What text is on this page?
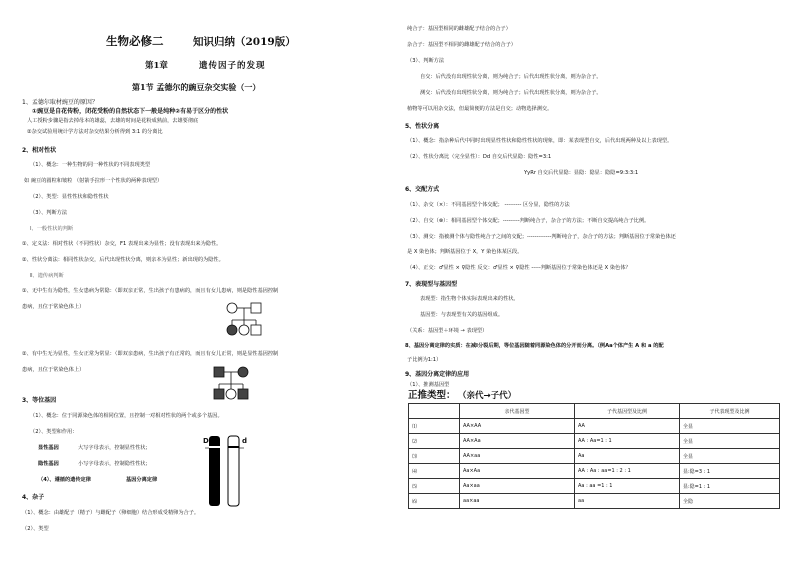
生物必修二	知识归纳（2019版）
第1章	遗传因子的发现
第1节 孟德尔的豌豆杂交实验（一）
1、孟德尔取材豌豆的原因？
①豌豆是自花传粉，闭花受粉的自然状态下一般是纯种②有易于区分的性状
人工授粉步骤是指去掉母本的雄蕊，去雄的时间是花粉成熟前，去雄要彻底
②杂交试验用统计学方法对杂交结果分析得到 3:1 的分离比
2、相对性状
（1）、概念：一种生物的同一种性状的不同表现类型
如 豌豆的圆粒和皱粒 （射箭手拉形一个性状的两种表现型）
（2）、类型：显性性状和隐性性状
（3）、判断方法
Ⅰ、一般性状的判断
①、定义法：相对性状（不同性状）杂交，F1 表现出来为显性；没有表现出来为隐性。
②、性状分离法：相同性状杂交，后代出现性状分离，则亲本为显性；新出现的为隐性。
Ⅱ、遗传病判断
①、无中生有为隐性，生女患病为常隐：（即双亲正常，生出孩子有患病的，而且有女儿患病，则是隐性基因控制
患病，且位于常染色体上）
②、有中生无为显性，生女正常为常显：（即双亲患病，生出孩子有正常的，而且有女儿正常，则是显性基因控制
患病，且位于常染色体上）
3、等位基因
（1）、概念：位于同源染色体的相同位置，且控制一对相对性状的两个或多个基因。
（2）、类型和作用：
显性基因	大写字母表示，控制显性性状；
隐性基因	小写字母表示，控制隐性性状；
（4）、遵循的遗传定律	基因分离定律
D	d
4、杂子
（1）、概念：由雄配子（精子）与雌配子（卵细胞）结合形成受精卵为合子。
（2）、类型
纯合子：基因型相同的雌雄配子结合的合子）
杂合子：基因型不相同的雌雄配子结合的合子）
（3）、判断方法
自交：后代没有出现性状分离，则为纯合子；后代出现性状分离，则为杂合子。
测交：后代没有出现性状分离，则为纯合子；后代出现性状分离，则为杂合子。
植物等可以用杂交法，但最简便的方法是自交；动物选择测交。
5、性状分离
（1）、概念：指杂种后代中同时出现显性性状和隐性性状的现象，即：某表现型自交，后代出现两种及以上表现型。
（2）、性状分离比（完全显性）：Dd 自交后代显隐：隐性=3:1
YyRr 自交后代显隐：显隐：隐显：隐隐=9:3:3:1
6、交配方式
（1）、杂交（×）：不同基因型个体交配； --------- 区分显，隐性的方法
（2）、自交（⊗）：相同基因型个体交配；---------判断纯合子，杂合子的方法；不断自交提高纯合子比例。
（3）、测交：指被测个体与隐性纯合子之间的交配；-------------判断纯合子，杂合子的方法；判断基因位于常染色体还
是 X 染色体；判断基因位于 X，Y 染色体某区段。
（4）、正交：♂显性 × ♀隐性 反交：♂显性 × ♀隐性 -----判断基因位于常染色体还是 X 染色体？
7、表现型与基因型
表现型：指生物个体实际表现出来的性状。
基因型：与表现型有关的基因组成。
（关系：基因型＋环境 → 表现型）
8、基因分离定律的实质：在减Ⅰ分裂后期，等位基因随着同源染色体的分开而分离。（例Aa个体产生 A 和 a 的配
子比例为1:1）
9、基因分离定律的应用
（1）、推测基因型
正推类型： （亲代→子代）
	亲代基因型	子代基因型及比例	子代表现型及比例
⑴	AA×AA	AA	全显
⑵	AA×Aa	AA : Aa=1 : 1	全显
⑶	AA×aa	Aa	全显
⑷	Aa×Aa	AA : Aa : aa=1 : 2 : 1	显:隐=3 : 1
⑸	Aa×aa	Aa : aa =1 : 1	显:隐=1 : 1
⑹	aa×aa	aa	全隐
